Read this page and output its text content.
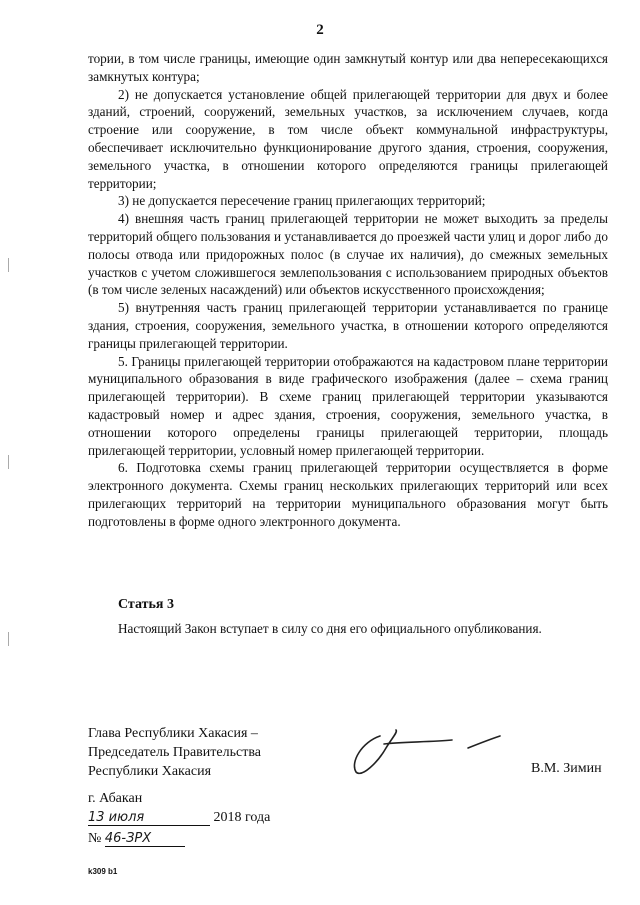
2

тории, в том числе границы, имеющие один замкнутый контур или два непересекающихся замкнутых контура;

2) не допускается установление общей прилегающей территории для двух и более зданий, строений, сооружений, земельных участков, за исключением случаев, когда строение или сооружение, в том числе объект коммунальной инфраструктуры, обеспечивает исключительно функционирование другого здания, строения, сооружения, земельного участка, в отношении которого определяются границы прилегающей территории;

3) не допускается пересечение границ прилегающих территорий;

4) внешняя часть границ прилегающей территории не может выходить за пределы территорий общего пользования и устанавливается до проезжей части улиц и дорог либо до полосы отвода или придорожных полос (в случае их наличия), до смежных земельных участков с учетом сложившегося землепользования с использованием природных объектов (в том числе зеленых насаждений) или объектов искусственного происхождения;

5) внутренняя часть границ прилегающей территории устанавливается по границе здания, строения, сооружения, земельного участка, в отношении которого определяются границы прилегающей территории.

5. Границы прилегающей территории отображаются на кадастровом плане территории муниципального образования в виде графического изображения (далее – схема границ прилегающей территории). В схеме границ прилегающей территории указываются кадастровый номер и адрес здания, строения, сооружения, земельного участка, в отношении которого определены границы прилегающей территории, площадь прилегающей территории, условный номер прилегающей территории.

6. Подготовка схемы границ прилегающей территории осуществляется в форме электронного документа. Схемы границ нескольких прилегающих территорий или всех прилегающих территорий на территории муниципального образования могут быть подготовлены в форме одного электронного документа.

Статья 3
Настоящий Закон вступает в силу со дня его официального опубликования.
Глава Республики Хакасия –
Председатель Правительства
Республики Хакасия	В.М. Зимин
г. Абакан
13 июля	2018 года
№ 46-ЗРХ
k309 b1
